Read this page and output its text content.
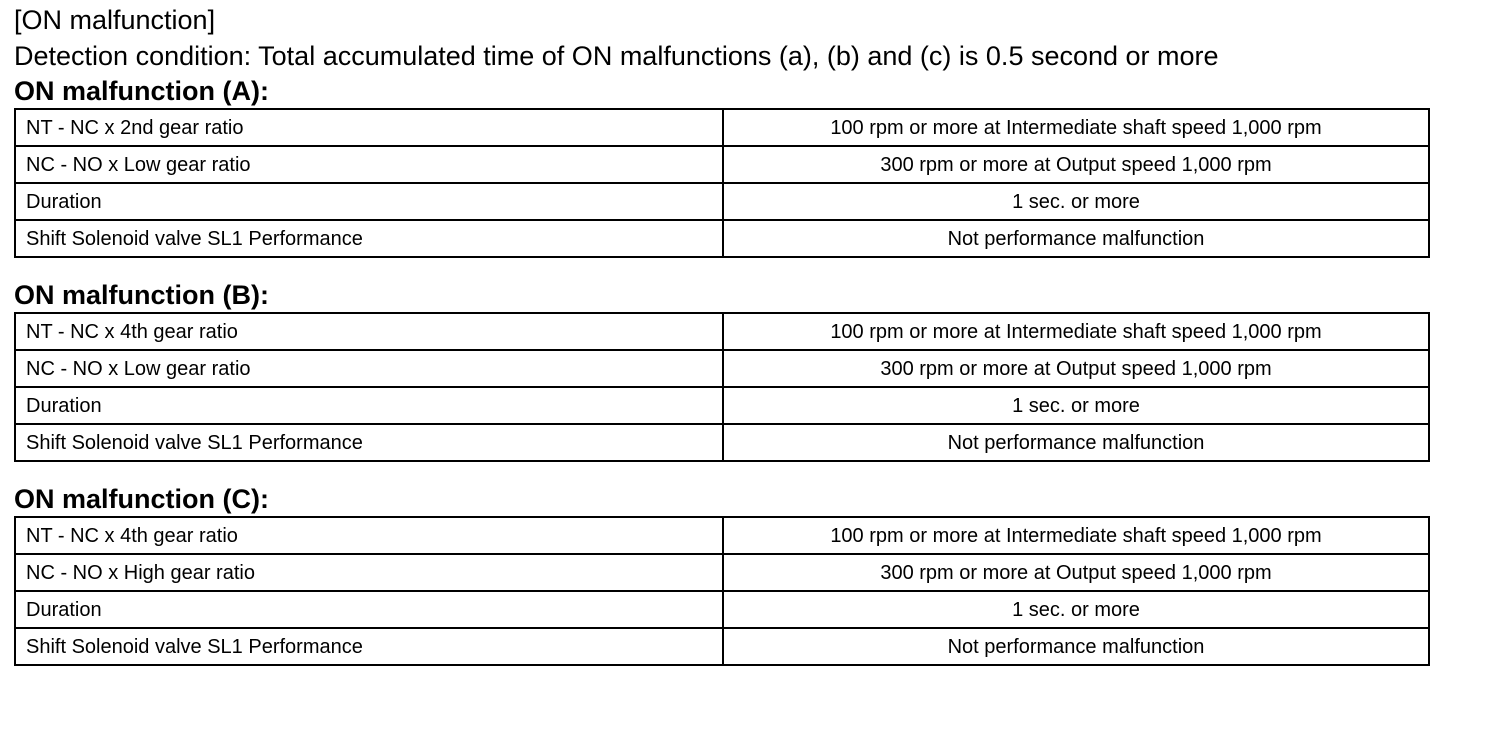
[ON malfunction]

Detection condition: Total accumulated time of ON malfunctions (a), (b) and (c) is 0.5 second or more

ON malfunction (A):

NT - NC x 2nd gear ratio	100 rpm or more at Intermediate shaft speed 1,000 rpm
NC - NO x Low gear ratio	300 rpm or more at Output speed 1,000 rpm
Duration	1 sec. or more
Shift Solenoid valve SL1 Performance	Not performance malfunction

ON malfunction (B):

NT - NC x 4th gear ratio	100 rpm or more at Intermediate shaft speed 1,000 rpm
NC - NO x Low gear ratio	300 rpm or more at Output speed 1,000 rpm
Duration	1 sec. or more
Shift Solenoid valve SL1 Performance	Not performance malfunction

ON malfunction (C):

NT - NC x 4th gear ratio	100 rpm or more at Intermediate shaft speed 1,000 rpm
NC - NO x High gear ratio	300 rpm or more at Output speed 1,000 rpm
Duration	1 sec. or more
Shift Solenoid valve SL1 Performance	Not performance malfunction
